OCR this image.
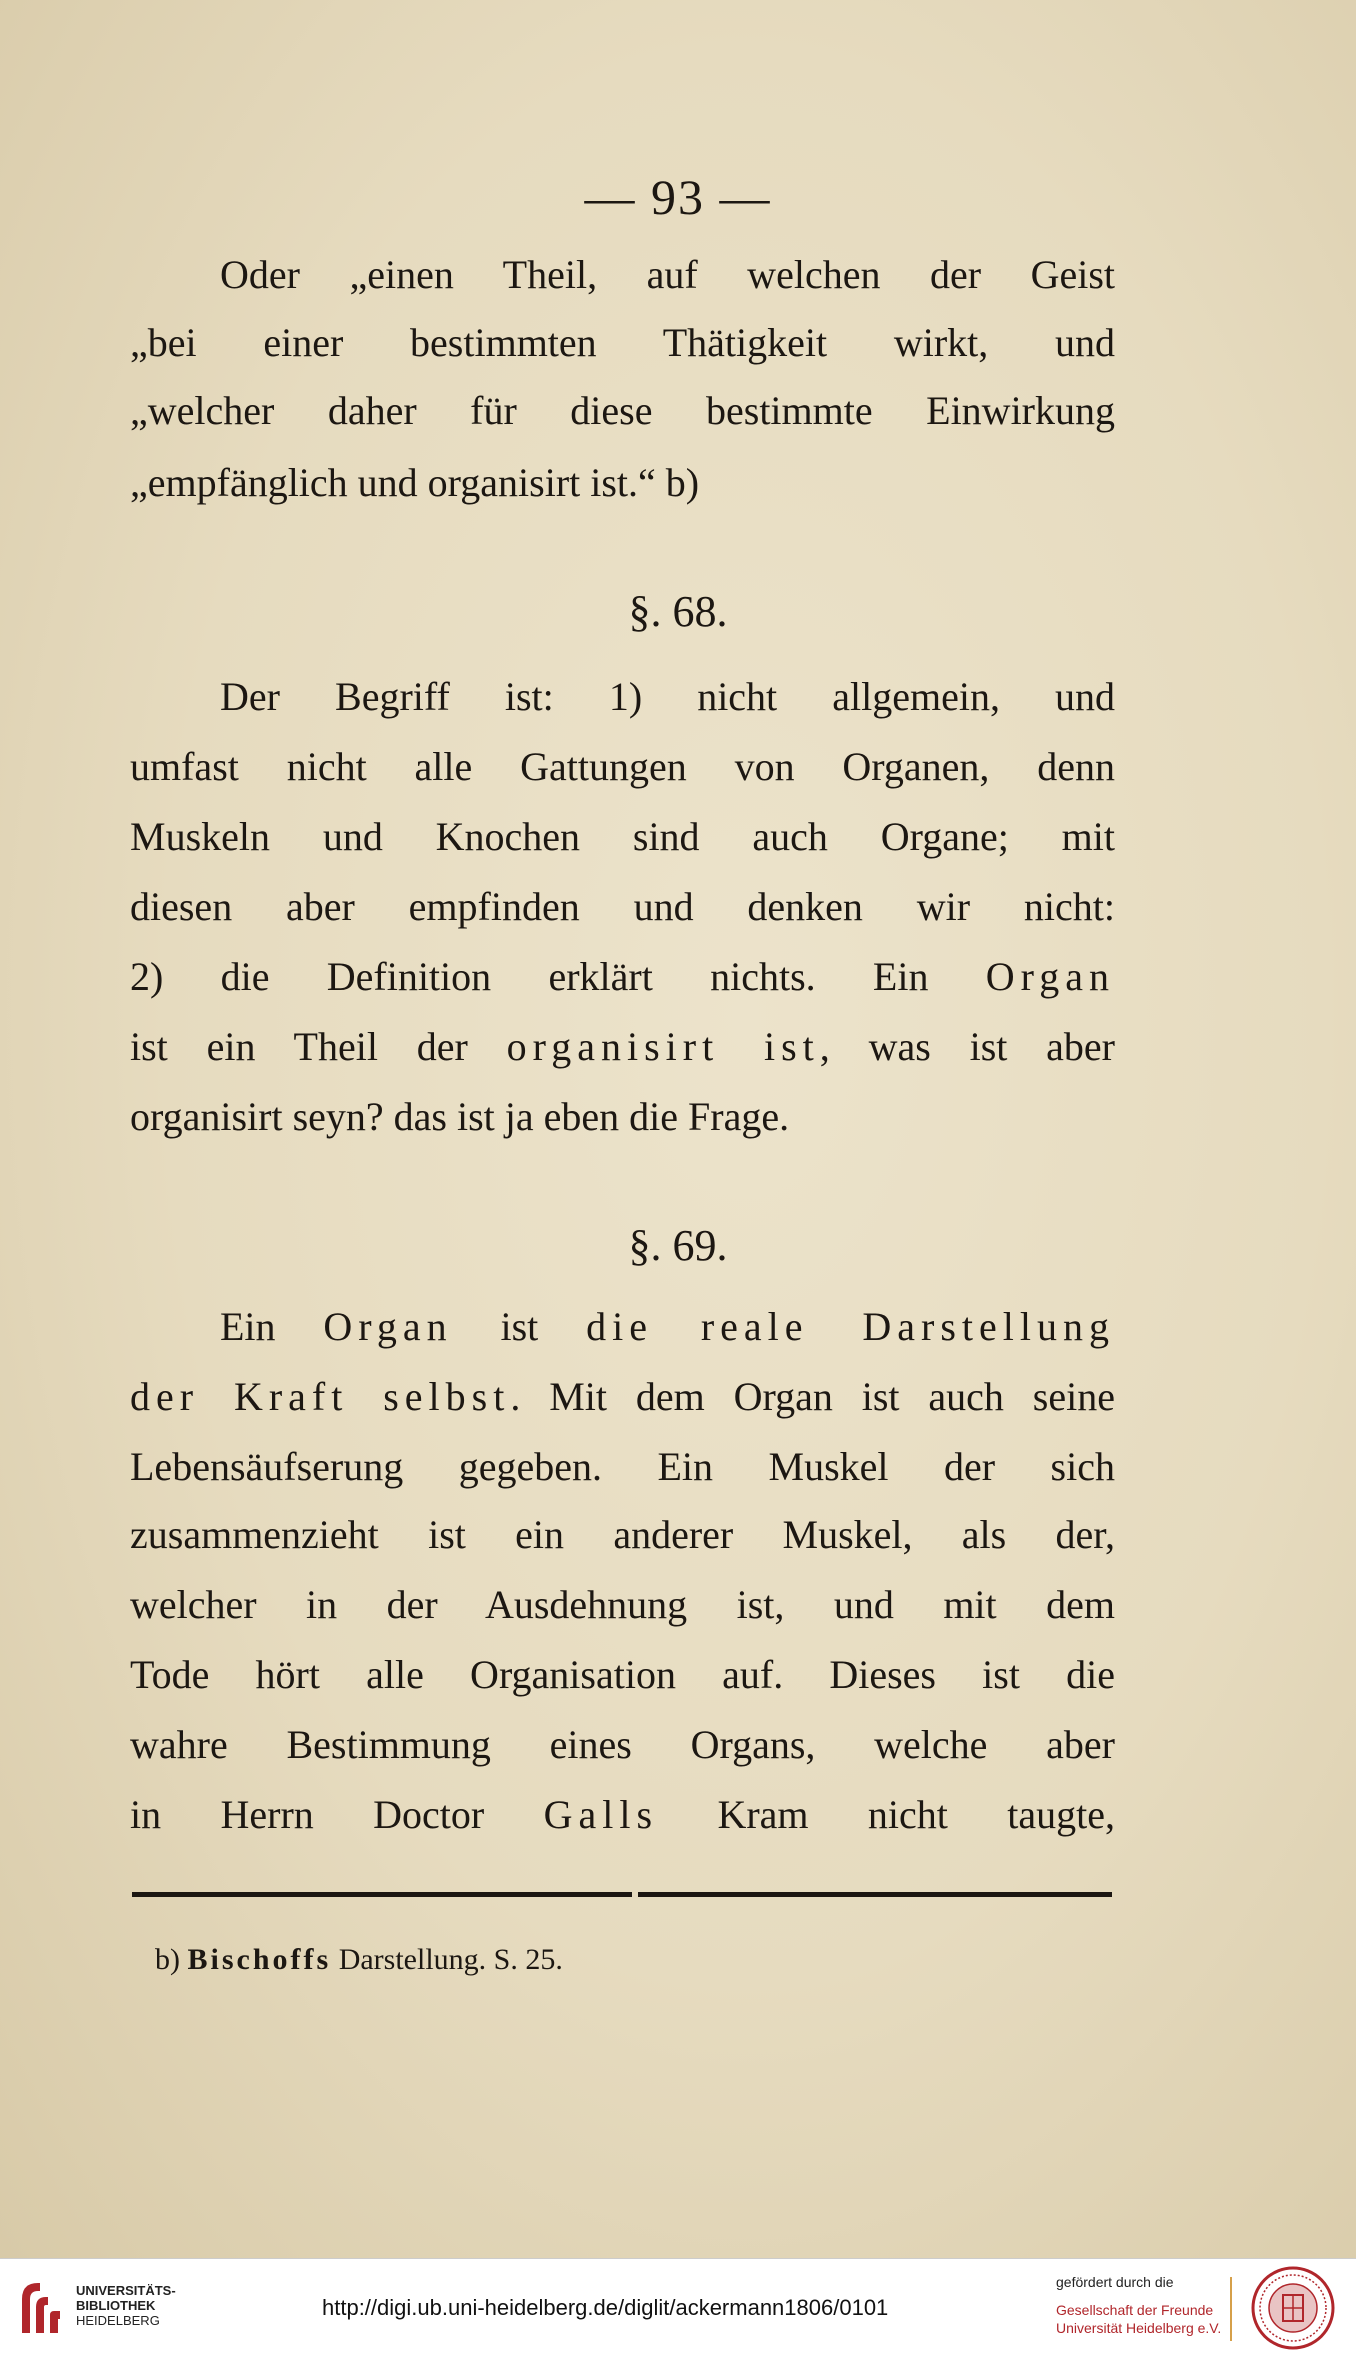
— 93 —
Oder „einen Theil, auf welchen der Geist
„bei einer bestimmten Thätigkeit wirkt, und
„welcher daher für diese bestimmte Einwirkung
„empfänglich und organisirt ist.“ b)
§. 68.
Der Begriff ist: 1) nicht allgemein, und
umfast nicht alle Gattungen von Organen, denn
Muskeln und Knochen sind auch Organe; mit
diesen aber empfinden und denken wir nicht:
2) die Definition erklärt nichts. Ein Organ
ist ein Theil der organisirt ist, was ist aber
organisirt seyn? das ist ja eben die Frage.
§. 69.
Ein Organ ist die reale Darstellung
der Kraft selbst. Mit dem Organ ist auch seine
Lebensäufserung gegeben. Ein Muskel der sich
zusammenzieht ist ein anderer Muskel, als der,
welcher in der Ausdehnung ist, und mit dem
Tode hört alle Organisation auf. Dieses ist die
wahre Bestimmung eines Organs, welche aber
in Herrn Doctor Galls Kram nicht taugte,
b) Bischoffs Darstellung. S. 25.
UNIVERSITÄTS-
BIBLIOTHEK
HEIDELBERG
http://digi.ub.uni-heidelberg.de/diglit/ackermann1806/0101
gefördert durch die
Gesellschaft der Freunde
Universität Heidelberg e.V.
